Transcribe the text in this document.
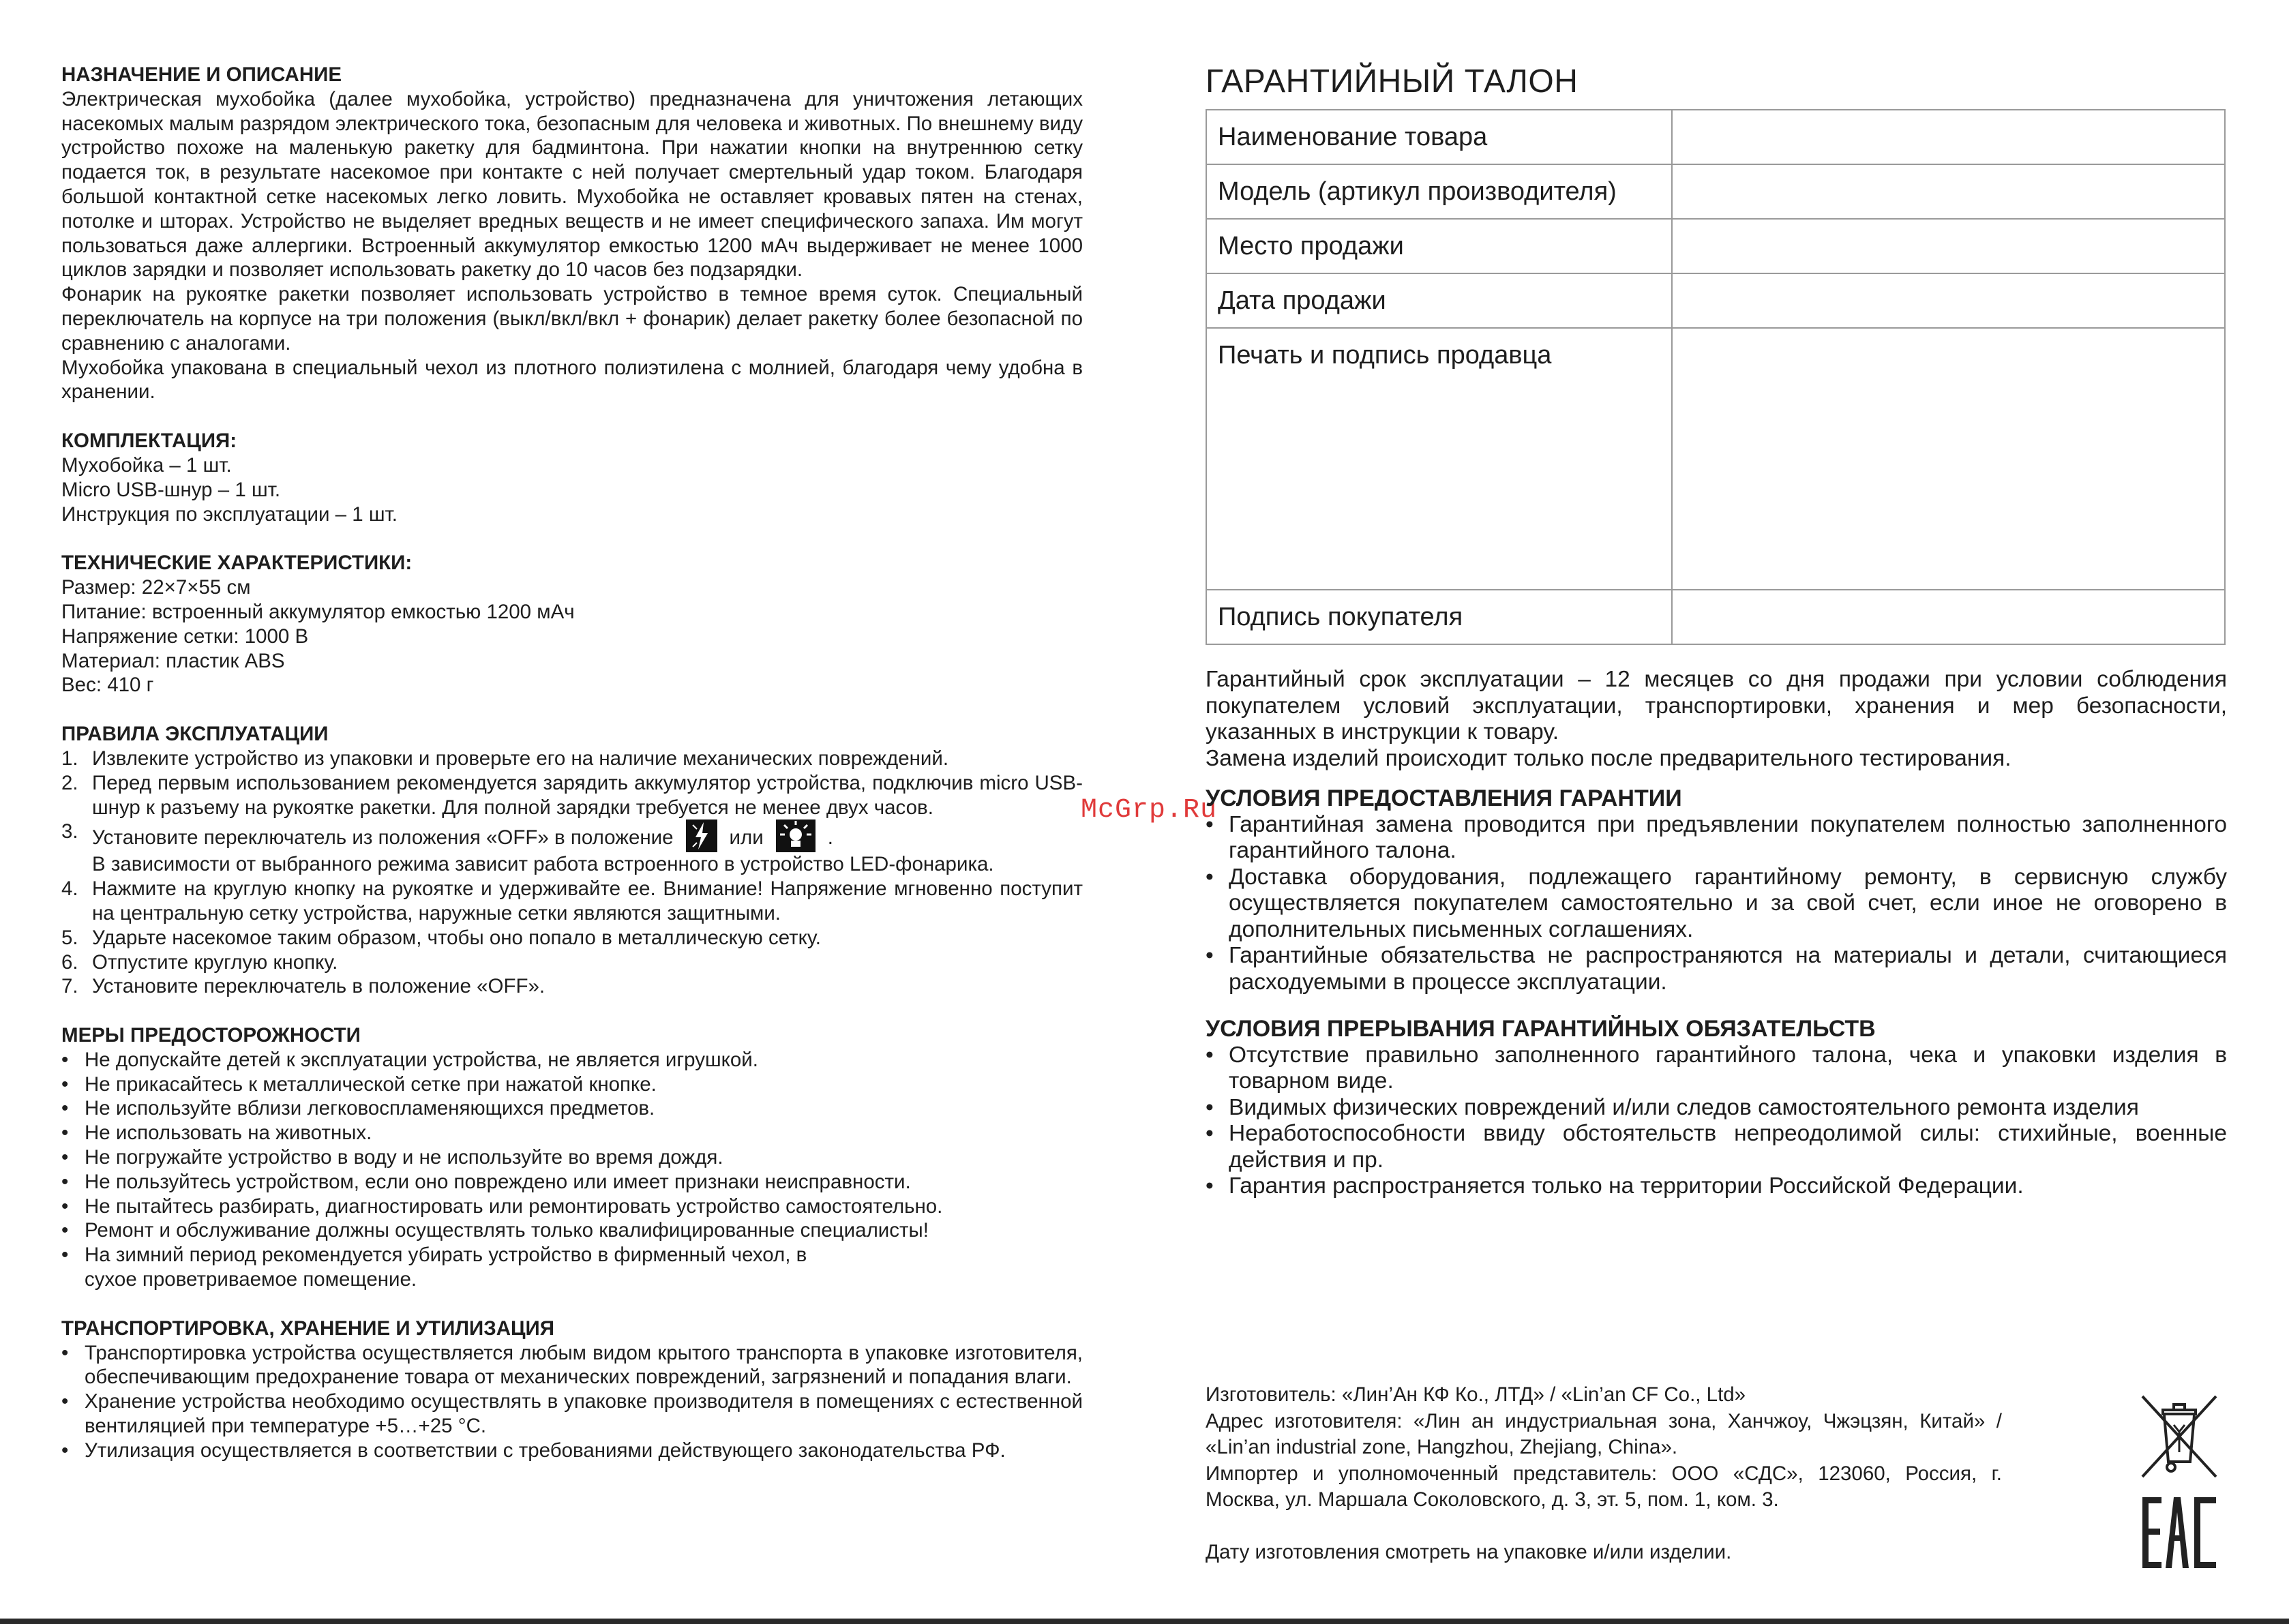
НАЗНАЧЕНИЕ И ОПИСАНИЕ

Электрическая мухобойка (далее мухобойка, устройство) предназначена для уничтожения летающих насекомых малым разрядом электрического тока, безопасным для человека и животных. По внешнему виду устройство похоже на маленькую ракетку для бадминтона. При нажатии кнопки на внутреннюю сетку подается ток, в результате насекомое при контакте с ней получает смертельный удар током. Благодаря большой контактной сетке насекомых легко ловить. Мухобойка не оставляет кровавых пятен на стенах, потолке и шторах. Устройство не выделяет вредных веществ и не имеет специфического запаха. Им могут пользоваться даже аллергики. Встроенный аккумулятор емкостью 1200 мАч выдерживает не менее 1000 циклов зарядки и позволяет использовать ракетку до 10 часов без подзарядки.

Фонарик на рукоятке ракетки позволяет использовать устройство в темное время суток. Специальный переключатель на корпусе на три положения (выкл/вкл/вкл + фонарик) делает ракетку более безопасной по сравнению с аналогами.

Мухобойка упакована в специальный чехол из плотного полиэтилена с молнией, благодаря чему удобна в хранении.

КОМПЛЕКТАЦИЯ:

Мухобойка – 1 шт.

Micro USB-шнур – 1 шт.

Инструкция по эксплуатации – 1 шт.

ТЕХНИЧЕСКИЕ ХАРАКТЕРИСТИКИ:

Размер: 22×7×55 см

Питание: встроенный аккумулятор емкостью 1200 мАч

Напряжение сетки: 1000 В

Материал: пластик ABS

Вес: 410 г

ПРАВИЛА ЭКСПЛУАТАЦИИ

1. Извлеките устройство из упаковки и проверьте его на наличие механических повреждений.
2. Перед первым использованием рекомендуется зарядить аккумулятор устройства, подключив micro USB-шнур к разъему на рукоятке ракетки. Для полной зарядки требуется не менее двух часов.
3. Установите переключатель из положения «OFF» в положение	или	.
В зависимости от выбранного режима зависит работа встроенного в устройство LED-фонарика.
4. Нажмите на круглую кнопку на рукоятке и удерживайте ее. Внимание! Напряжение мгновенно поступит на центральную сетку устройства, наружные сетки являются защитными.
5. Ударьте насекомое таким образом, чтобы оно попало в металлическую сетку.
6. Отпустите круглую кнопку.
7. Установите переключатель в положение «OFF».

МЕРЫ ПРЕДОСТОРОЖНОСТИ

• Не допускайте детей к эксплуатации устройства, не является игрушкой.
• Не прикасайтесь к металлической сетке при нажатой кнопке.
• Не используйте вблизи легковоспламеняющихся предметов.
• Не использовать на животных.
• Не погружайте устройство в воду и не используйте во время дождя.
• Не пользуйтесь устройством, если оно повреждено или имеет признаки неисправности.
• Не пытайтесь разбирать, диагностировать или ремонтировать устройство самостоятельно.
• Ремонт и обслуживание должны осуществлять только квалифицированные специалисты!
• На зимний период рекомендуется убирать устройство в фирменный чехол, в сухое проветриваемое помещение.

ТРАНСПОРТИРОВКА, ХРАНЕНИЕ И УТИЛИЗАЦИЯ

• Транспортировка устройства осуществляется любым видом крытого транспорта в упаковке изготовителя, обеспечивающим предохранение товара от механических повреждений, загрязнений и попадания влаги.
• Хранение устройства необходимо осуществлять в упаковке производителя в помещениях с естественной вентиляцией при температуре +5…+25 °C.
• Утилизация осуществляется в соответствии с требованиями действующего законодательства РФ.
McGrp.Ru
ГАРАНТИЙНЫЙ ТАЛОН
Наименование товара	
Модель (артикул производителя)	
Место продажи	
Дата продажи	
Печать и подпись продавца	
Подпись покупателя	

Гарантийный срок эксплуатации – 12 месяцев со дня продажи при условии соблюдения покупателем условий эксплуатации, транспортировки, хранения и мер безопасности, указанных в инструкции к товару.

Замена изделий происходит только после предварительного тестирования.

УСЛОВИЯ ПРЕДОСТАВЛЕНИЯ ГАРАНТИИ

• Гарантийная замена проводится при предъявлении покупателем полностью заполненного гарантийного талона.
• Доставка оборудования, подлежащего гарантийному ремонту, в сервисную службу осуществляется покупателем самостоятельно и за свой счет, если иное не оговорено в дополнительных письменных соглашениях.
• Гарантийные обязательства не распространяются на материалы и детали, считающиеся расходуемыми в процессе эксплуатации.

УСЛОВИЯ ПРЕРЫВАНИЯ ГАРАНТИЙНЫХ ОБЯЗАТЕЛЬСТВ

• Отсутствие правильно заполненного гарантийного талона, чека и упаковки изделия в товарном виде.
• Видимых физических повреждений и/или следов самостоятельного ремонта изделия
• Неработоспособности ввиду обстоятельств непреодолимой силы: стихийные, военные действия и пр.
• Гарантия распространяется только на территории Российской Федерации.

Изготовитель: «Лин’Ан КФ Ко., ЛТД» / «Lin’an CF Co., Ltd»

Адрес изготовителя: «Лин ан индустриальная зона, Ханчжоу, Чжэцзян, Китай» / «Lin’an industrial zone, Hangzhou, Zhejiang, China».

Импортер и уполномоченный представитель: ООО «СДС», 123060, Россия, г. Москва, ул. Маршала Соколовского, д. 3, эт. 5, пом. 1, ком. 3.

Дату изготовления смотреть на упаковке и/или изделии.
